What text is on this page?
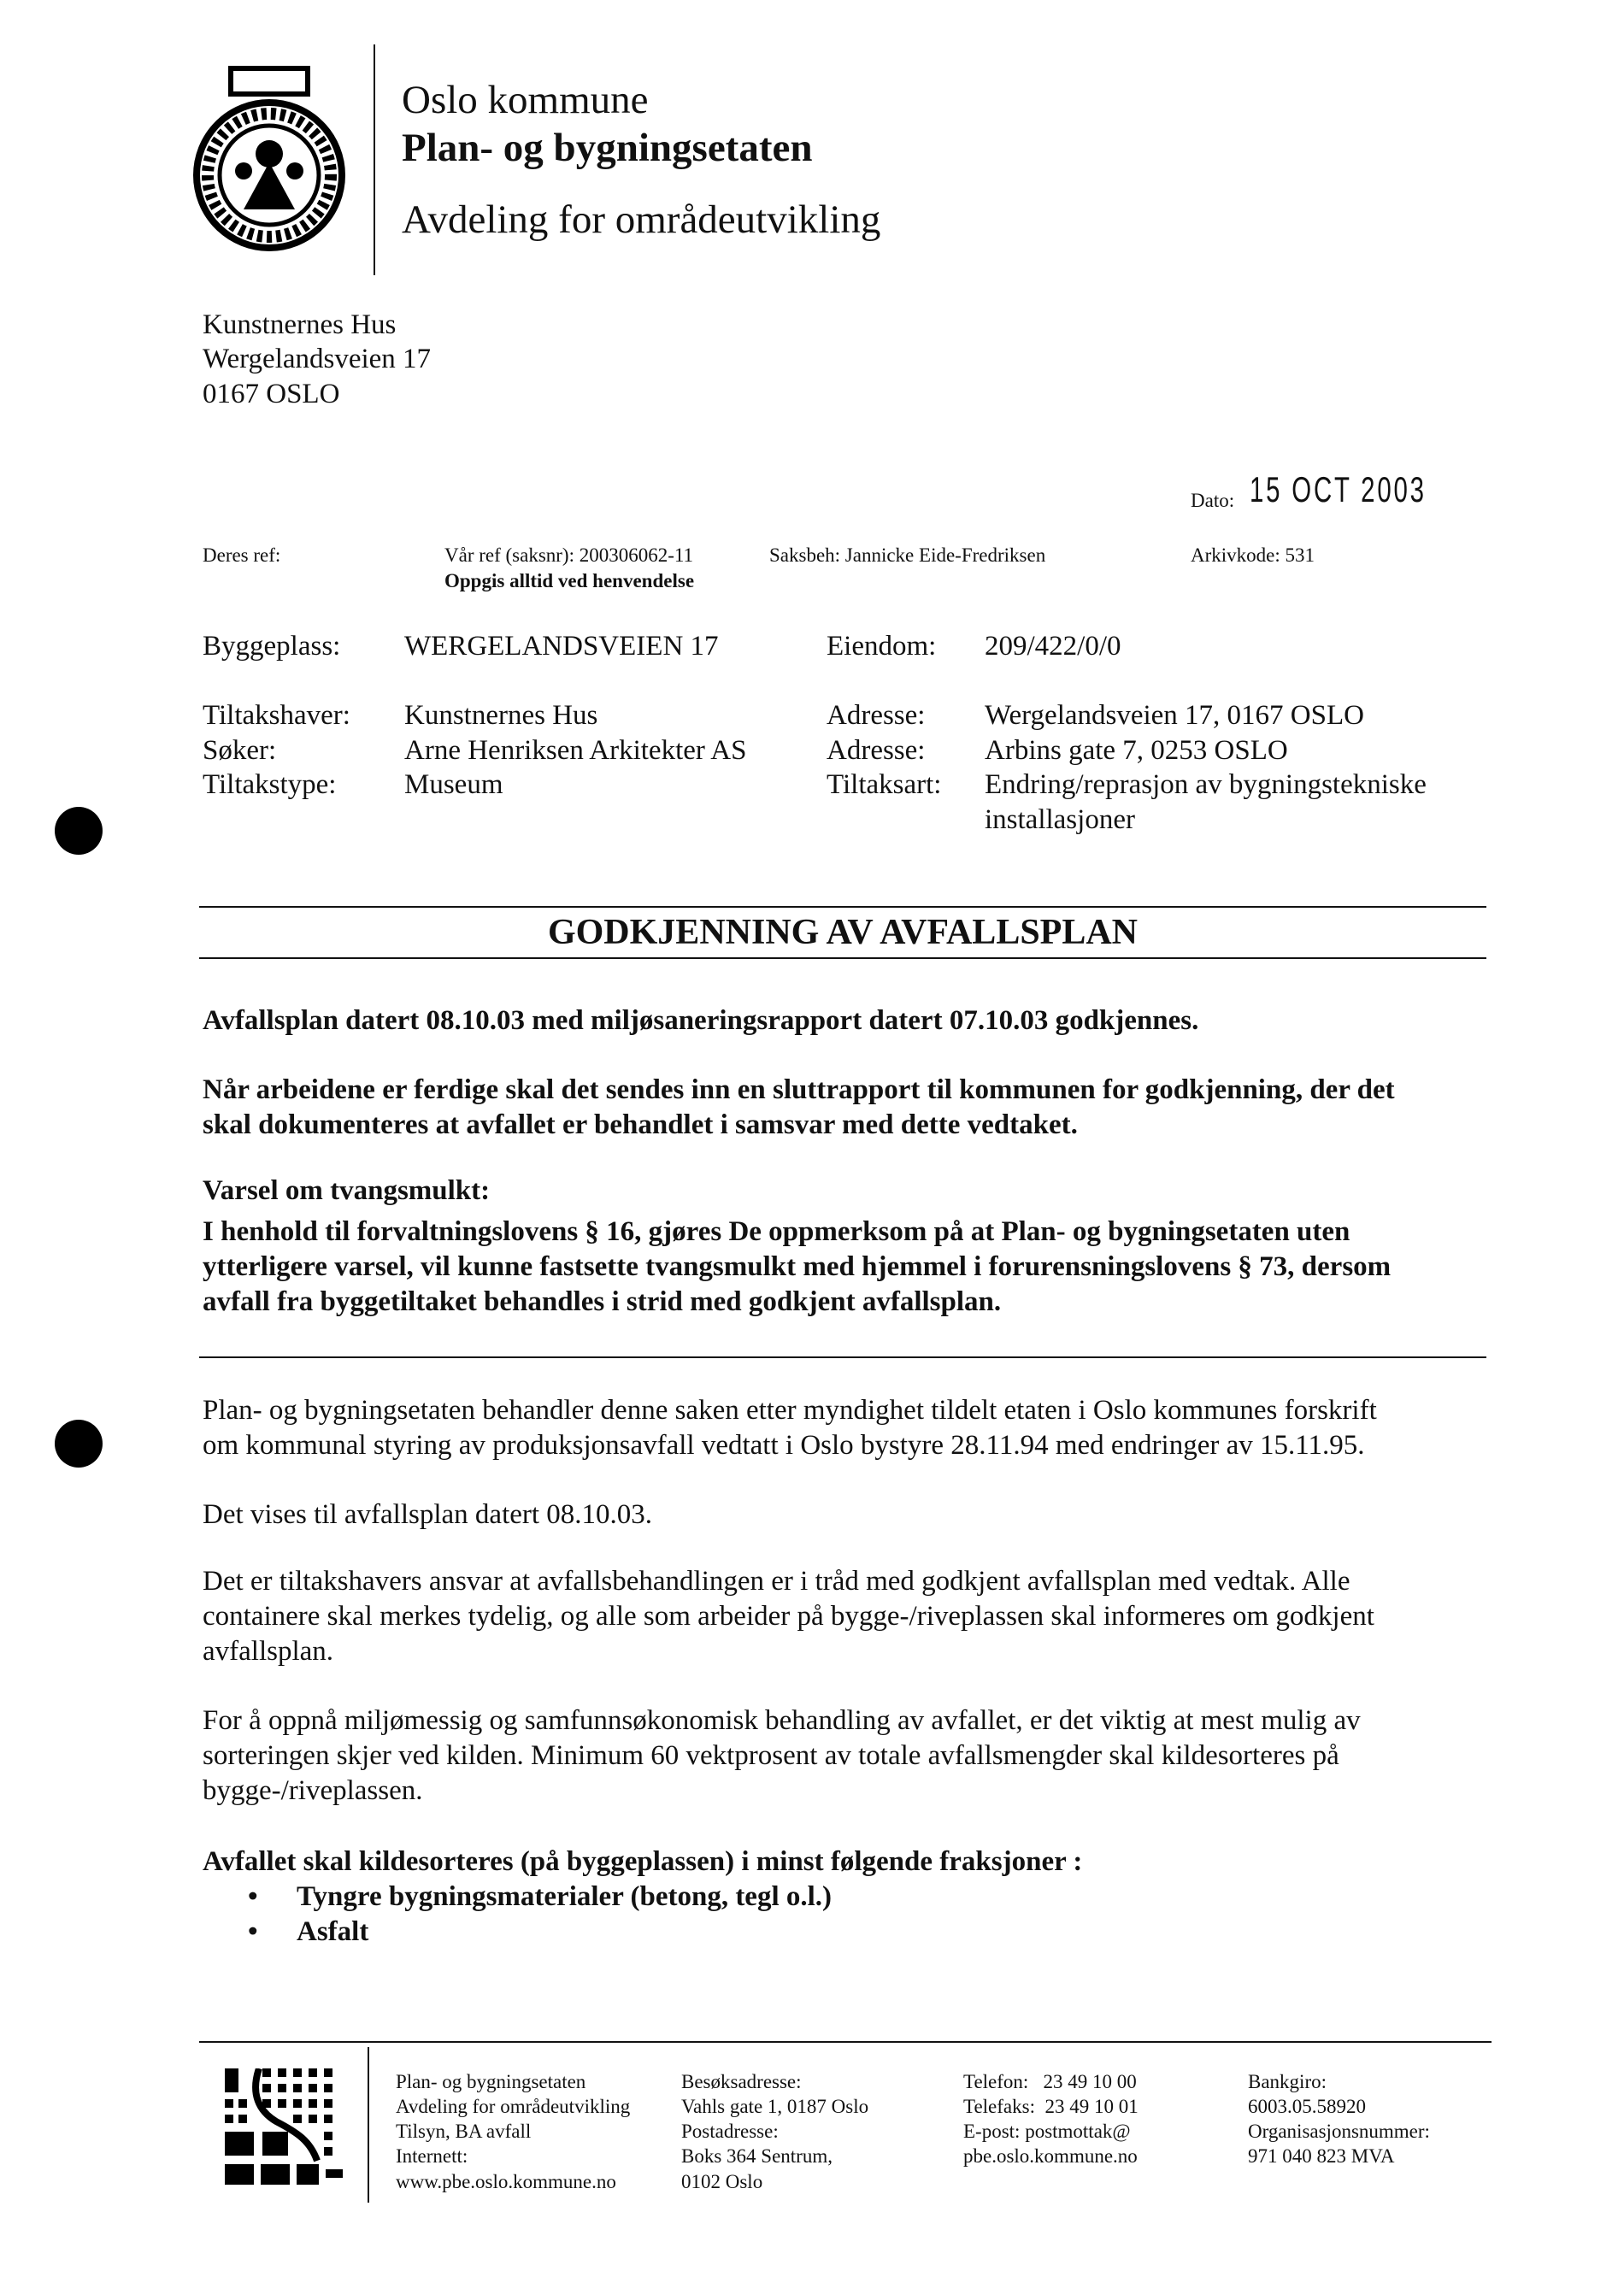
Oslo kommune
Plan- og bygningsetaten
Avdeling for områdeutvikling
Kunstnernes Hus
Wergelandsveien 17
0167 OSLO
Dato: 15 OCT 2003
Deres ref:	Vår ref (saksnr): 200306062-11
Oppgis alltid ved henvendelse
Saksbeh: Jannicke Eide-Fredriksen	Arkivkode: 531
Byggeplass: WERGELANDSVEIEN 17	Eiendom: 209/422/0/0
Tiltakshaver: Kunstnernes Hus	Adresse: Wergelandsveien 17, 0167 OSLO
Søker:	Arne Henriksen Arkitekter AS	Adresse: Arbins gate 7, 0253 OSLO
Tiltakstype: Museum	Tiltaksart: Endring/reprasjon av bygningstekniske
installasjoner
GODKJENNING AV AVFALLSPLAN
Avfallsplan datert 08.10.03 med miljøsaneringsrapport datert 07.10.03 godkjennes.
Når arbeidene er ferdige skal det sendes inn en sluttrapport til kommunen for godkjenning, der det
skal dokumenteres at avfallet er behandlet i samsvar med dette vedtaket.
Varsel om tvangsmulkt:
I henhold til forvaltningslovens § 16, gjøres De oppmerksom på at Plan- og bygningsetaten uten
ytterligere varsel, vil kunne fastsette tvangsmulkt med hjemmel i forurensningslovens § 73, dersom
avfall fra byggetiltaket behandles i strid med godkjent avfallsplan.
Plan- og bygningsetaten behandler denne saken etter myndighet tildelt etaten i Oslo kommunes forskrift
om kommunal styring av produksjonsavfall vedtatt i Oslo bystyre 28.11.94 med endringer av 15.11.95.
Det vises til avfallsplan datert 08.10.03.
Det er tiltakshavers ansvar at avfallsbehandlingen er i tråd med godkjent avfallsplan med vedtak. Alle
containere skal merkes tydelig, og alle som arbeider på bygge-/riveplassen skal informeres om godkjent
avfallsplan.
For å oppnå miljømessig og samfunnsøkonomisk behandling av avfallet, er det viktig at mest mulig av
sorteringen skjer ved kilden. Minimum 60 vektprosent av totale avfallsmengder skal kildesorteres på
bygge-/riveplassen.
Avfallet skal kildesorteres (på byggeplassen) i minst følgende fraksjoner :
• Tyngre bygningsmaterialer (betong, tegl o.l.)
• Asfalt
Plan- og bygningsetaten
Avdeling for områdeutvikling
Tilsyn, BA avfall
Internett:
www.pbe.oslo.kommune.no
Besøksadresse:
Vahls gate 1, 0187 Oslo
Postadresse:
Boks 364 Sentrum,
0102 Oslo
Telefon:   23 49 10 00
Telefaks:  23 49 10 01
E-post: postmottak@
pbe.oslo.kommune.no
Bankgiro:
6003.05.58920
Organisasjonsnummer:
971 040 823 MVA
